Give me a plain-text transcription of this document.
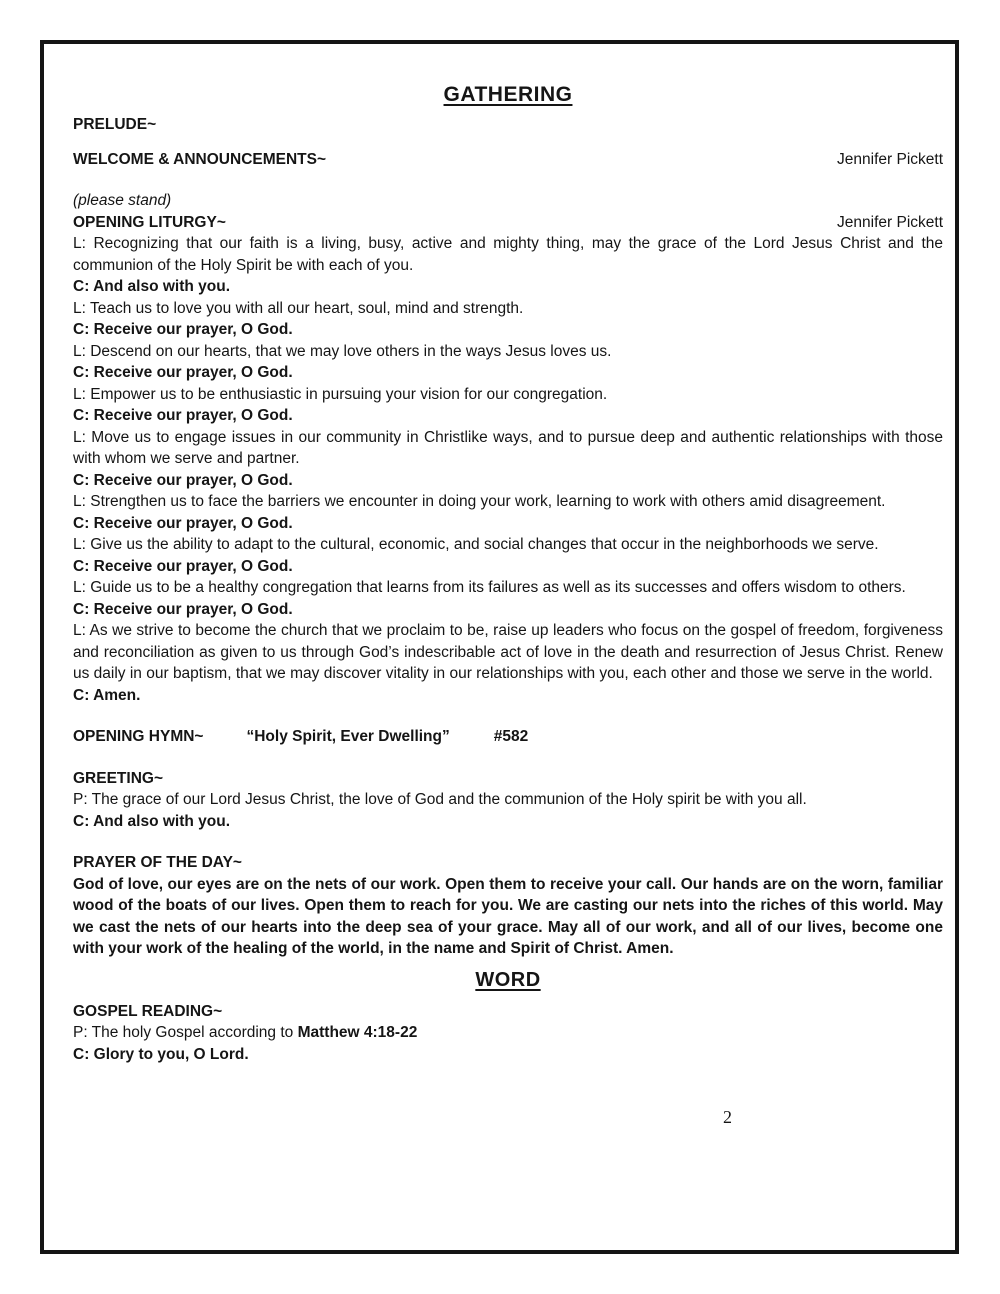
GATHERING

PRELUDE~

WELCOME & ANNOUNCEMENTS~	Jennifer Pickett

(please stand)

OPENING LITURGY~	Jennifer Pickett

L: Recognizing that our faith is a living, busy, active and mighty thing, may the grace of the Lord Jesus Christ and the communion of the Holy Spirit be with each of you.

C: And also with you.

L: Teach us to love you with all our heart, soul, mind and strength.

C: Receive our prayer, O God.

L: Descend on our hearts, that we may love others in the ways Jesus loves us.

C: Receive our prayer, O God.

L: Empower us to be enthusiastic in pursuing your vision for our congregation.

C: Receive our prayer, O God.

L: Move us to engage issues in our community in Christlike ways, and to pursue deep and authentic relationships with those with whom we serve and partner.

C: Receive our prayer, O God.

L: Strengthen us to face the barriers we encounter in doing your work, learning to work with others amid disagreement.

C: Receive our prayer, O God.

L: Give us the ability to adapt to the cultural, economic, and social changes that occur in the neighborhoods we serve.

C: Receive our prayer, O God.

L: Guide us to be a healthy congregation that learns from its failures as well as its successes and offers wisdom to others.

C: Receive our prayer, O God.

L: As we strive to become the church that we proclaim to be, raise up leaders who focus on the gospel of freedom, forgiveness and reconciliation as given to us through God’s indescribable act of love in the death and resurrection of Jesus Christ. Renew us daily in our baptism, that we may discover vitality in our relationships with you, each other and those we serve in the world.

C: Amen.

OPENING HYMN~	“Holy Spirit, Ever Dwelling”	#582

GREETING~

P: The grace of our Lord Jesus Christ, the love of God and the communion of the Holy spirit be with you all.

C: And also with you.

PRAYER OF THE DAY~

God of love, our eyes are on the nets of our work. Open them to receive your call. Our hands are on the worn, familiar wood of the boats of our lives. Open them to reach for you. We are casting our nets into the riches of this world. May we cast the nets of our hearts into the deep sea of your grace. May all of our work, and all of our lives, become one with your work of the healing of the world, in the name and Spirit of Christ. Amen.

WORD

GOSPEL READING~

P: The holy Gospel according to Matthew 4:18-22

C: Glory to you, O Lord.

2
